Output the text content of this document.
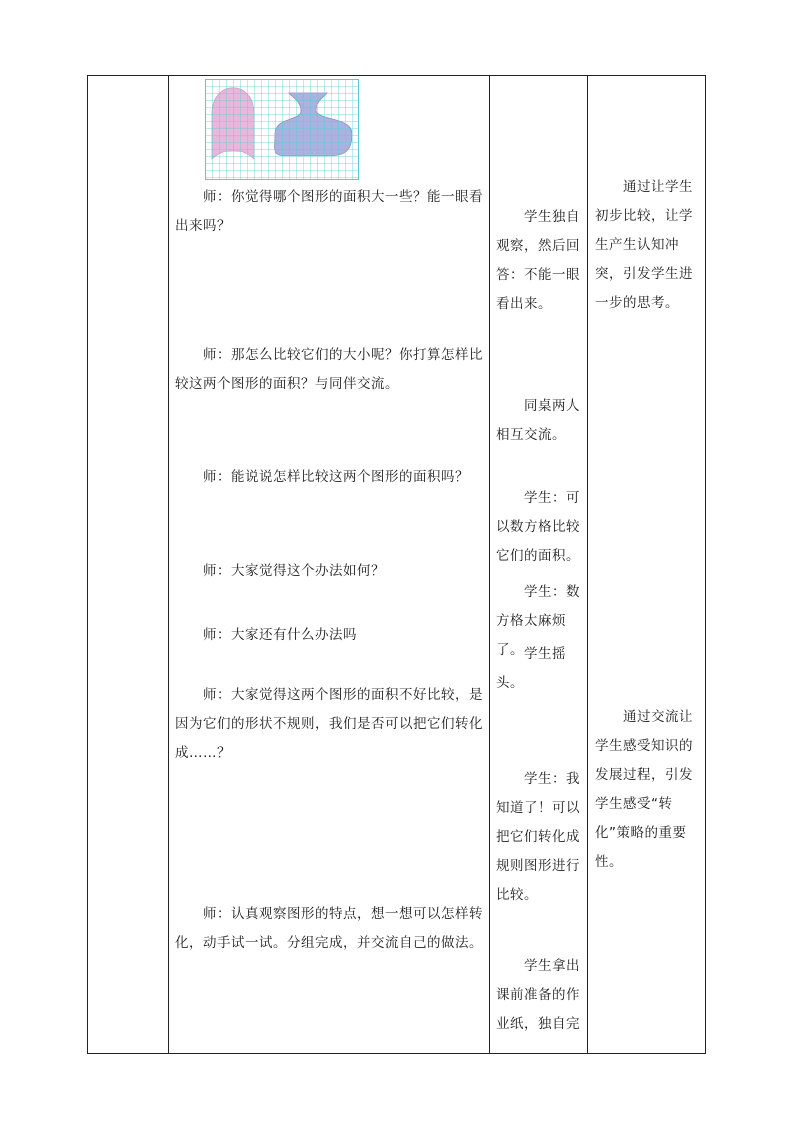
师：你觉得哪个图形的面积大一些？能一眼看出来吗？
师：那怎么比较它们的大小呢？你打算怎样比较这两个图形的面积？与同伴交流。
师：能说说怎样比较这两个图形的面积吗？
师：大家觉得这个办法如何？
师：大家还有什么办法吗
师：大家觉得这两个图形的面积不好比较，是因为它们的形状不规则，我们是否可以把它们转化成……？
师：认真观察图形的特点，想一想可以怎样转化，动手试一试。分组完成，并交流自己的做法。
学生独自观察，然后回答：不能一眼看出来。
同桌两人相互交流。
学生：可以数方格比较它们的面积。
学生：数方格太麻烦了。 学生摇头。
学生：我知道了！可以把它们转化成规则图形进行比较。
学生拿出课前准备的作业纸，独自完
通过让学生初步比较，让学生产生认知冲突，引发学生进一步的思考。
通过交流让学生感受知识的发展过程，引发学生感受“转化”策略的重要性。
